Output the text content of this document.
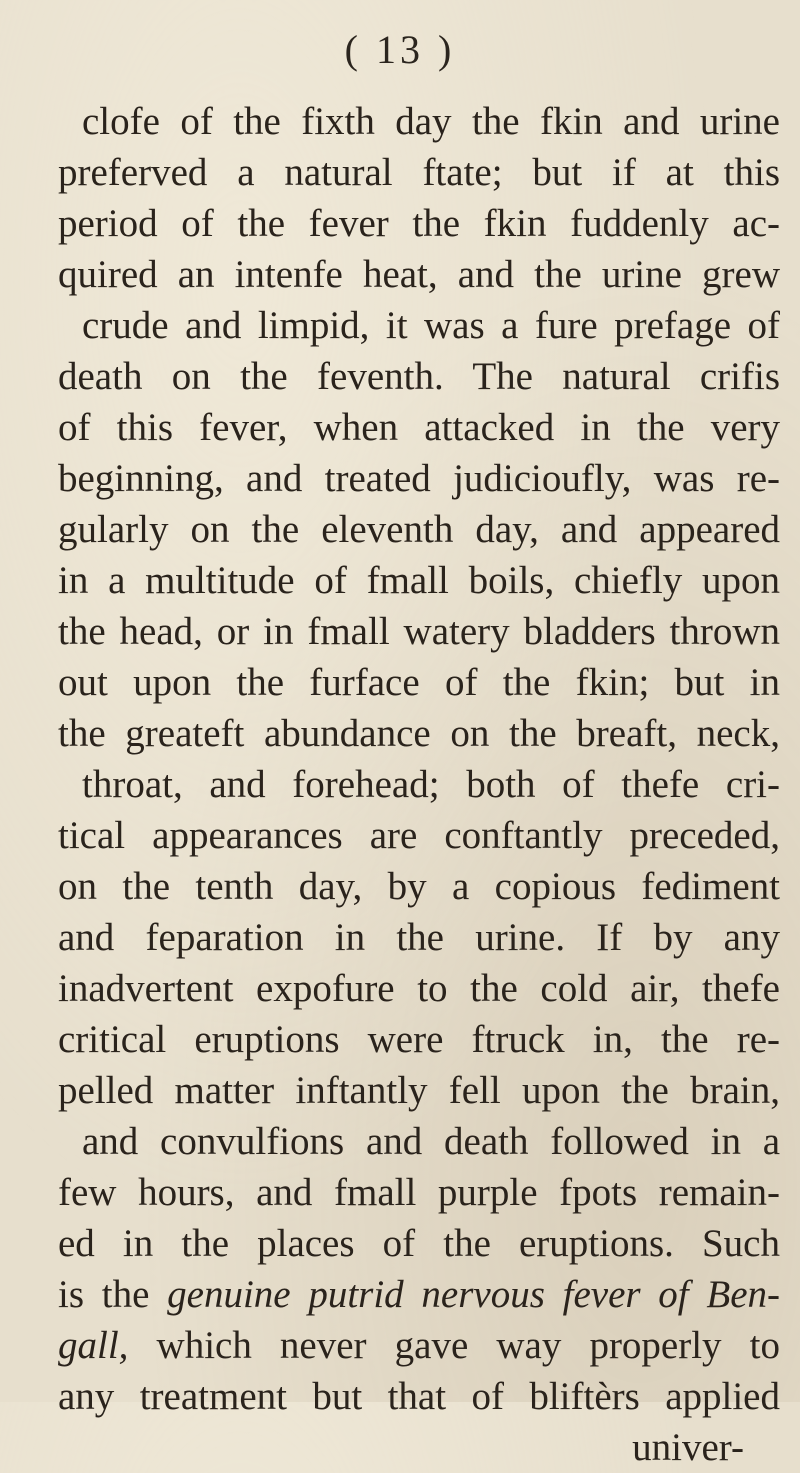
( 13 )
clofe of the fixth day the fkin and urine
preferved a natural ftate; but if at this
period of the fever the fkin fuddenly ac-
quired an intenfe heat, and the urine grew
crude and limpid, it was a fure prefage of
death on the feventh. The natural crifis
of this fever, when attacked in the very
beginning, and treated judicioufly, was re-
gularly on the eleventh day, and appeared
in a multitude of fmall boils, chiefly upon
the head, or in fmall watery bladders thrown
out upon the furface of the fkin; but in
the greateft abundance on the breaft, neck,
throat, and forehead; both of thefe cri-
tical appearances are conftantly preceded,
on the tenth day, by a copious fediment
and feparation in the urine. If by any
inadvertent expofure to the cold air, thefe
critical eruptions were ftruck in, the re-
pelled matter inftantly fell upon the brain,
and convulfions and death followed in a
few hours, and fmall purple fpots remain-
ed in the places of the eruptions. Such
is the genuine putrid nervous fever of Ben-
gall, which never gave way properly to
any treatment but that of bliftèrs applied
univer-
